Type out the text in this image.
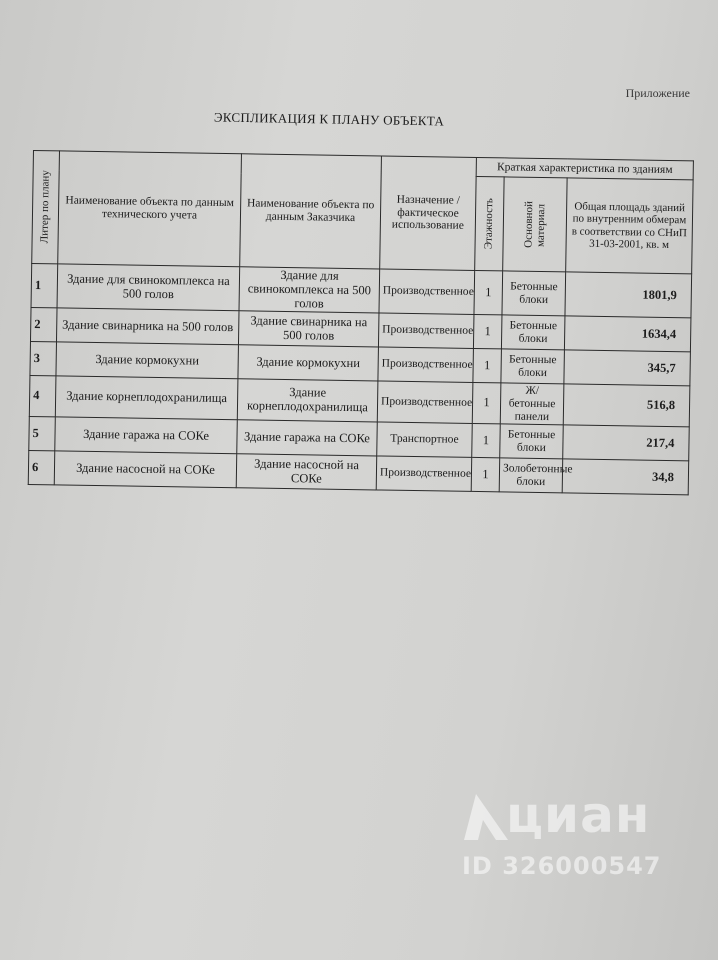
Приложение
ЭКСПЛИКАЦИЯ К ПЛАНУ ОБЪЕКТА
Литер по плану	Наименование объекта по данным технического учета	Наименование объекта по данным Заказчика	Назначение / фактическое использование	Краткая характеристика по зданиям		

				Этажность	Основной материал	Общая площадь зданий по внутренним обмерам в соответствии со СНиП 31-03-2001, кв. м
1	Здание для свинокомплекса на 500 голов	Здание для свинокомплекса на 500 голов	Производственное	1	Бетонные блоки	1801,9
2	Здание свинарника на 500 голов	Здание свинарника на 500 голов	Производственное	1	Бетонные блоки	1634,4
3	Здание кормокухни	Здание кормокухни	Производственное	1	Бетонные блоки	345,7
4	Здание корнеплодохранилища	Здание корнеплодохранилища	Производственное	1	Ж/бетонные панели	516,8
5	Здание гаража на СОКе	Здание гаража на СОКе	Транспортное	1	Бетонные блоки	217,4
6	Здание насосной на СОКе	Здание насосной на СОКе	Производственное	1	Золобетонные блоки	34,8
циан
ID 326000547
